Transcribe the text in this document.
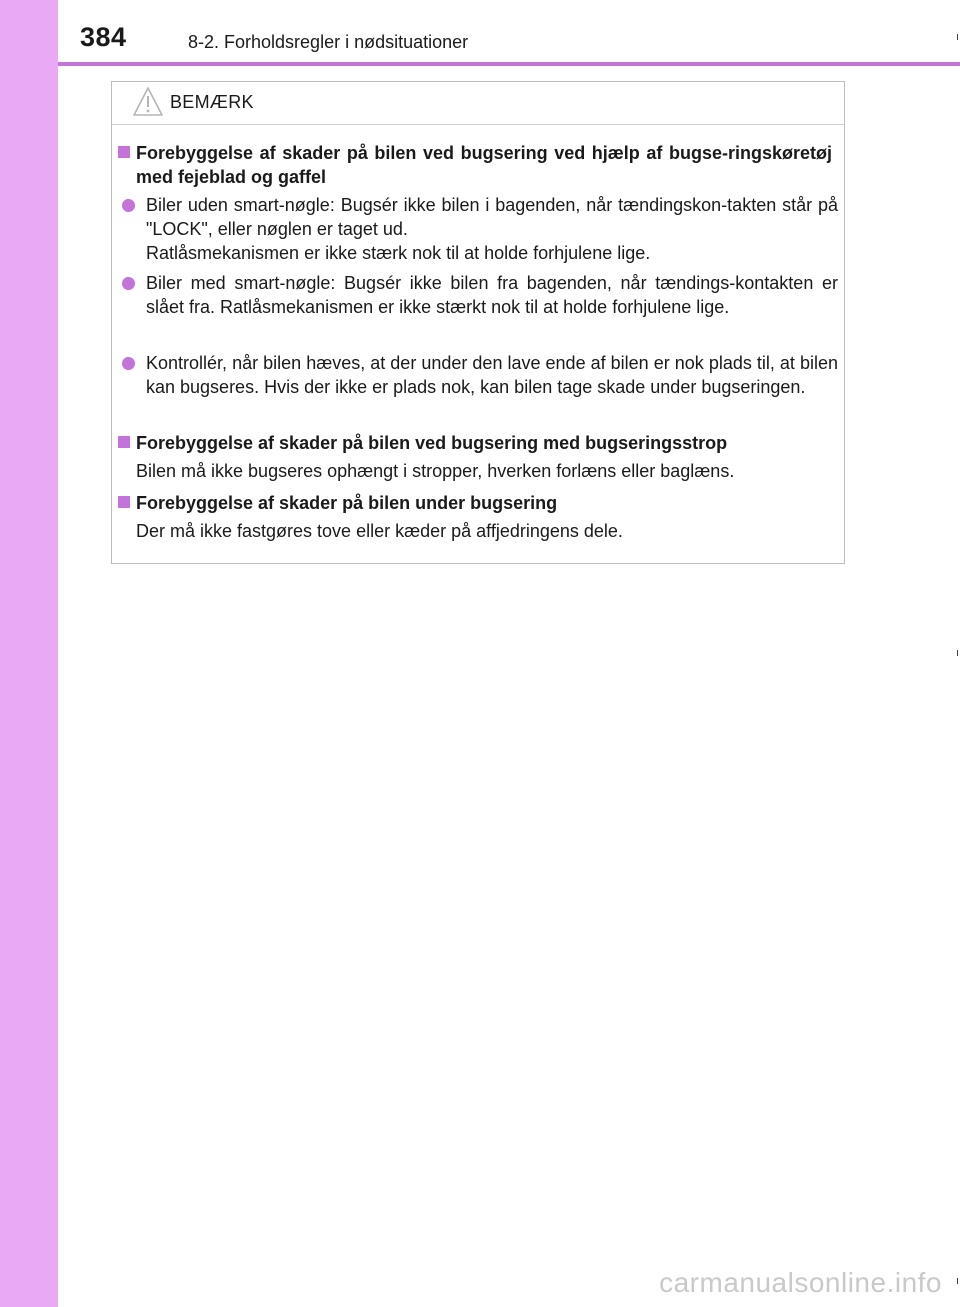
384	8-2. Forholdsregler i nødsituationer
BEMÆRK
Forebyggelse af skader på bilen ved bugsering ved hjælp af bugse-ringskøretøj med fejeblad og gaffel
Biler uden smart-nøgle: Bugsér ikke bilen i bagenden, når tændingskon-takten står på "LOCK", eller nøglen er taget ud.
Ratlåsmekanismen er ikke stærk nok til at holde forhjulene lige.
Biler med smart-nøgle: Bugsér ikke bilen fra bagenden, når tændings-kontakten er slået fra. Ratlåsmekanismen er ikke stærkt nok til at holde forhjulene lige.
Kontrollér, når bilen hæves, at der under den lave ende af bilen er nok plads til, at bilen kan bugseres. Hvis der ikke er plads nok, kan bilen tage skade under bugseringen.
Forebyggelse af skader på bilen ved bugsering med bugseringsstrop
Bilen må ikke bugseres ophængt i stropper, hverken forlæns eller baglæns.
Forebyggelse af skader på bilen under bugsering
Der må ikke fastgøres tove eller kæder på affjedringens dele.
carmanualsonline.info
